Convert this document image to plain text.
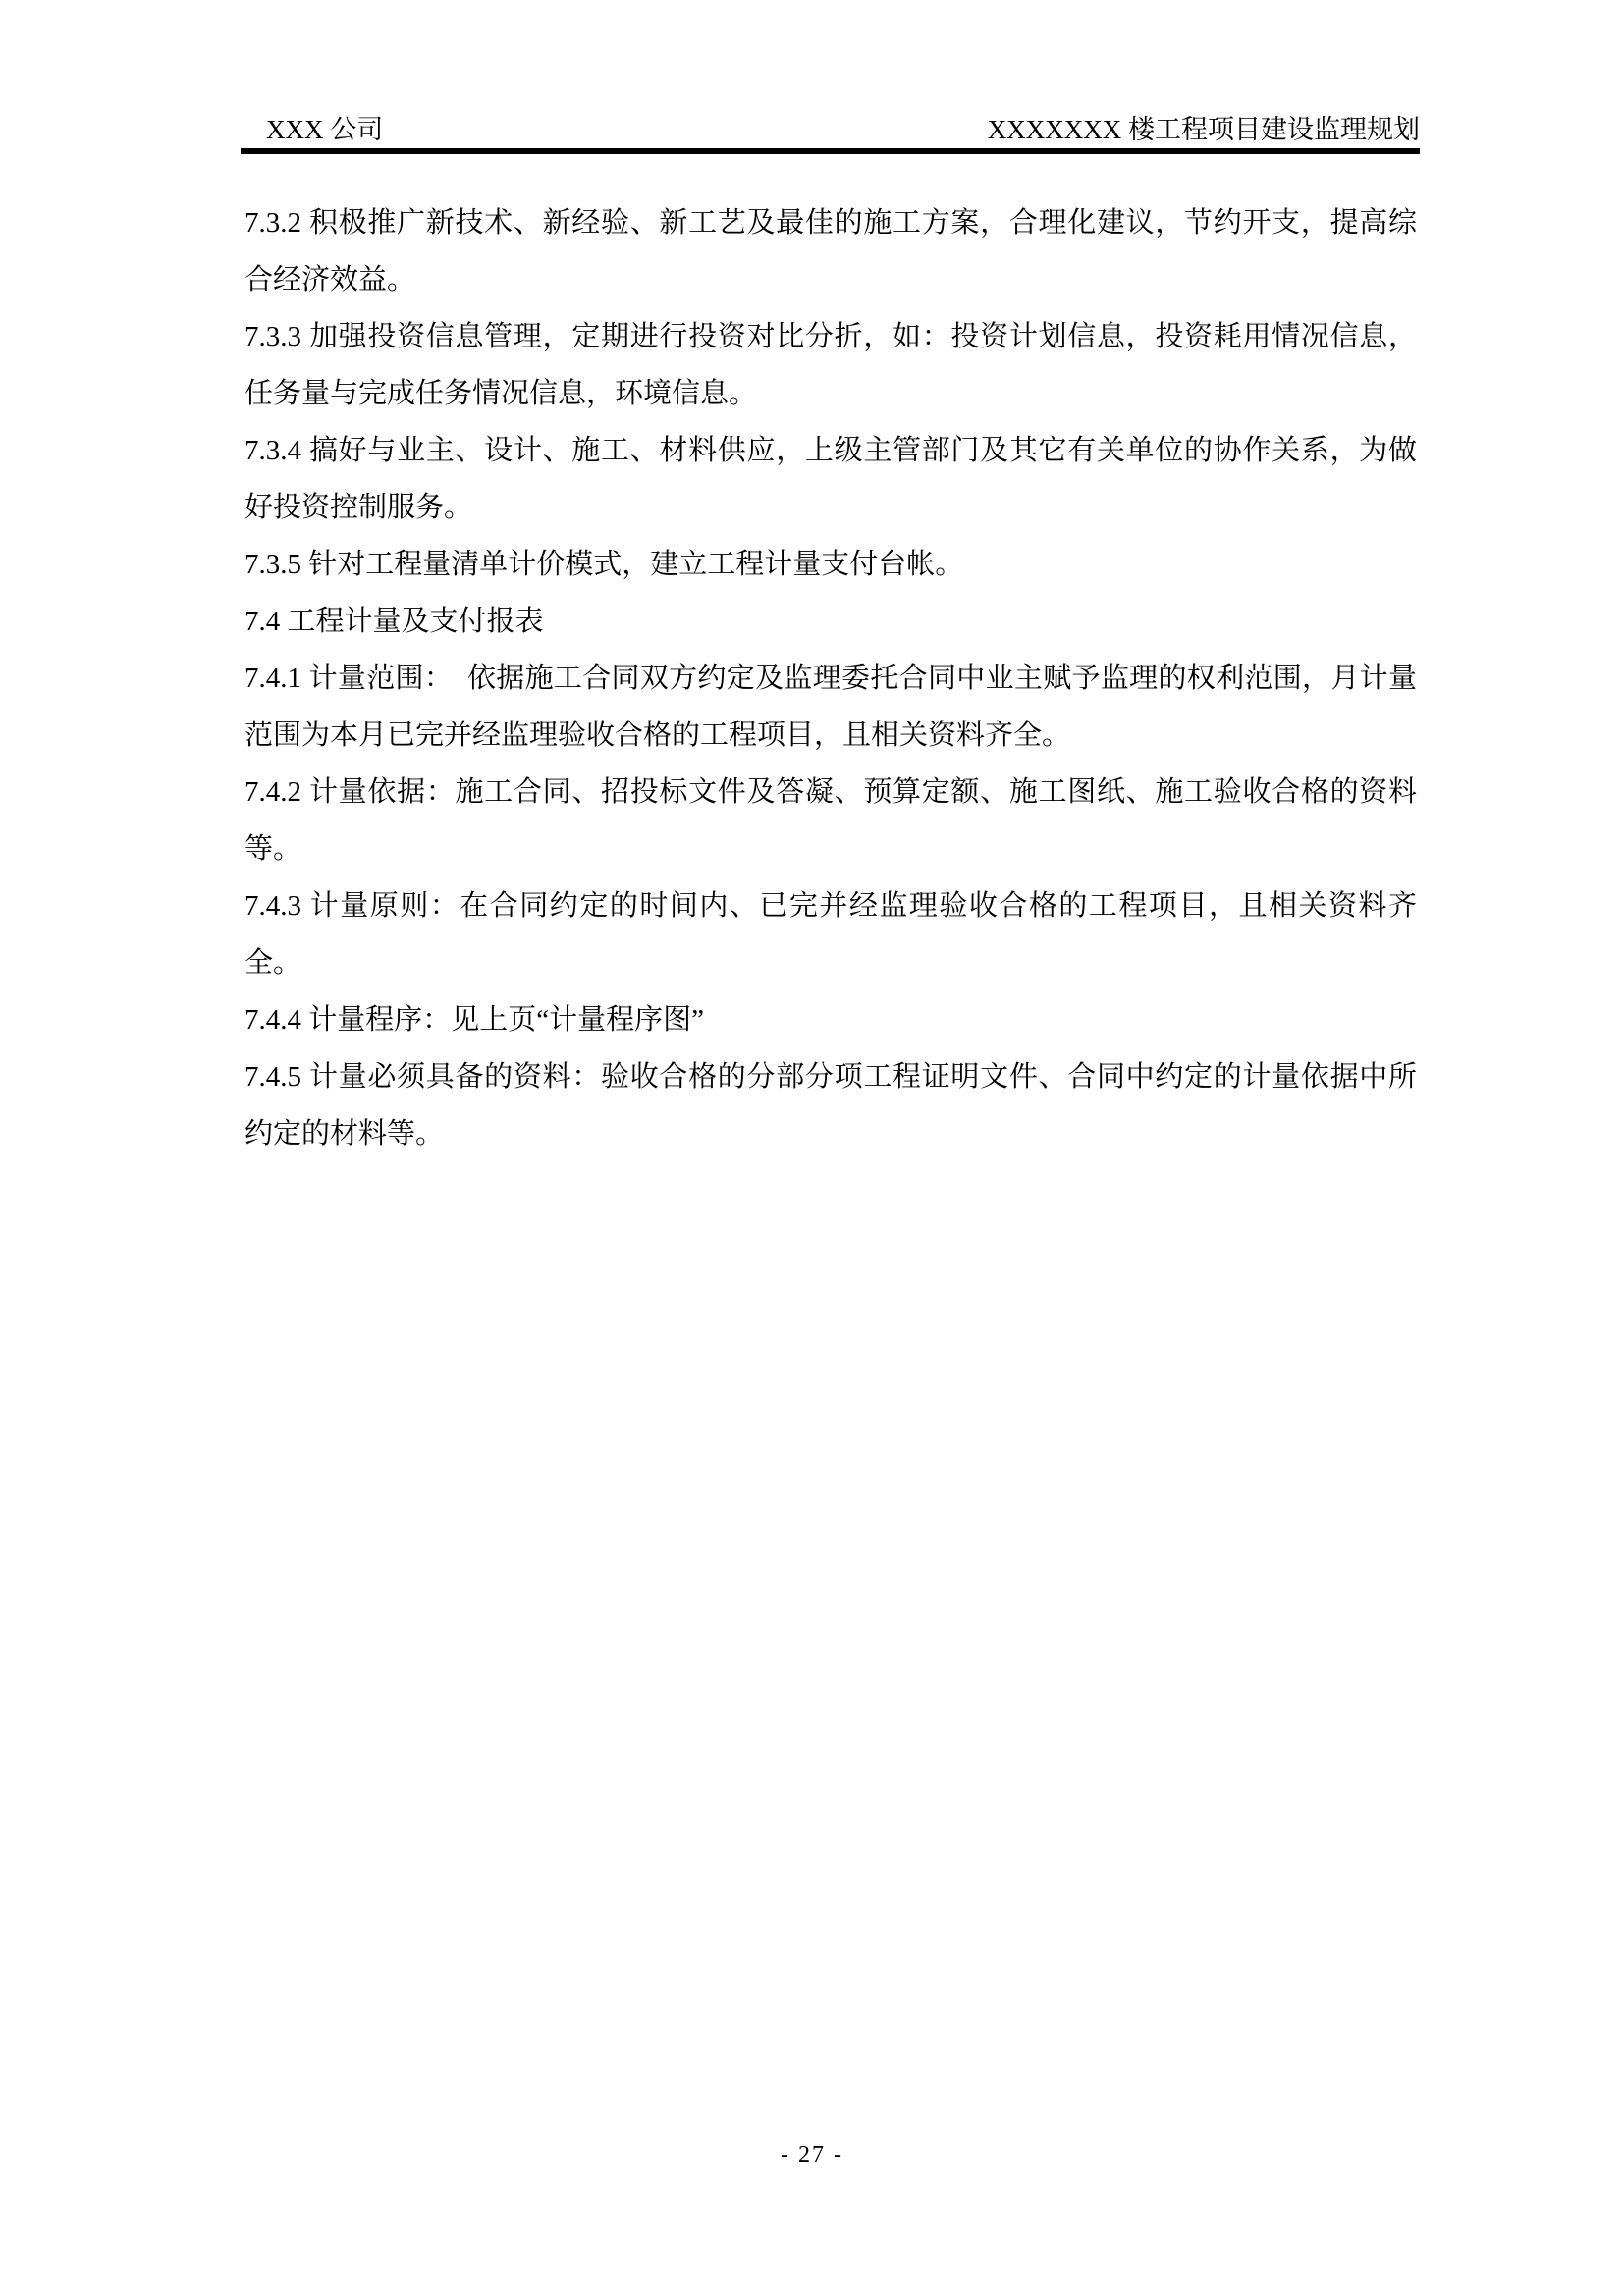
XXX 公司	XXXXXXX 楼工程项目建设监理规划

7.3.2 积极推广新技术、新经验、新工艺及最佳的施工方案，合理化建议，节约开支，提高综合经济效益。

7.3.3 加强投资信息管理，定期进行投资对比分折，如：投资计划信息，投资耗用情况信息，任务量与完成任务情况信息，环境信息。

7.3.4 搞好与业主、设计、施工、材料供应，上级主管部门及其它有关单位的协作关系，为做好投资控制服务。

7.3.5 针对工程量清单计价模式，建立工程计量支付台帐。

7.4 工程计量及支付报表

7.4.1 计量范围：　依据施工合同双方约定及监理委托合同中业主赋予监理的权利范围，月计量范围为本月已完并经监理验收合格的工程项目，且相关资料齐全。

7.4.2 计量依据：施工合同、招投标文件及答凝、预算定额、施工图纸、施工验收合格的资料等。

7.4.3 计量原则：在合同约定的时间内、已完并经监理验收合格的工程项目，且相关资料齐全。

7.4.4 计量程序：见上页“计量程序图”

7.4.5 计量必须具备的资料：验收合格的分部分项工程证明文件、合同中约定的计量依据中所约定的材料等。

- 27 -
